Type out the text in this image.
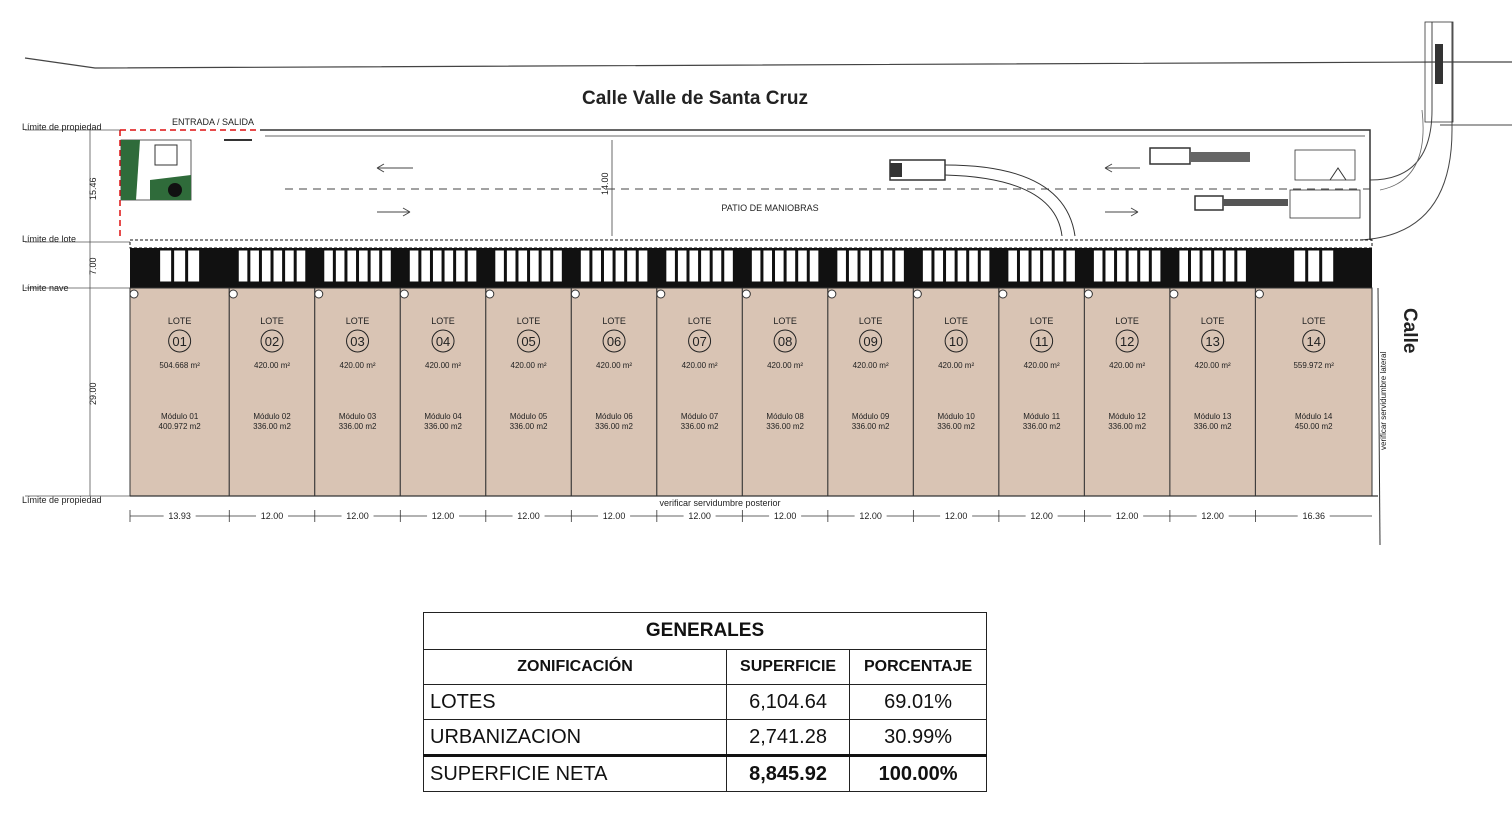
LOTE
01
504.668 m²
Módulo 01
400.972 m2
LOTE
02
420.00 m²
Módulo 02
336.00 m2
LOTE
03
420.00 m²
Módulo 03
336.00 m2
LOTE
04
420.00 m²
Módulo 04
336.00 m2
LOTE
05
420.00 m²
Módulo 05
336.00 m2
LOTE
06
420.00 m²
Módulo 06
336.00 m2
LOTE
07
420.00 m²
Módulo 07
336.00 m2
LOTE
08
420.00 m²
Módulo 08
336.00 m2
LOTE
09
420.00 m²
Módulo 09
336.00 m2
LOTE
10
420.00 m²
Módulo 10
336.00 m2
LOTE
11
420.00 m²
Módulo 11
336.00 m2
LOTE
12
420.00 m²
Módulo 12
336.00 m2
LOTE
13
420.00 m²
Módulo 13
336.00 m2
LOTE
14
559.972 m²
Módulo 14
450.00 m2
13.93	12.00	12.00	12.00	12.00	12.00	12.00	12.00	12.00	12.00	12.00	12.00	12.00	16.36
Calle Valle de Santa Cruz
Calle
ENTRADA / SALIDA
PATIO DE MANIOBRAS
14.00
Límite de propiedad
Límite de lote
Límite nave
Límite de propiedad
15.46
7.00
29.00
verificar servidumbre posterior
verificar servidumbre lateral
GENERALES		
ZONIFICACIÓN	SUPERFICIE	PORCENTAJE
LOTES	6,104.64	69.01%
URBANIZACION	2,741.28	30.99%
SUPERFICIE NETA	8,845.92	100.00%
